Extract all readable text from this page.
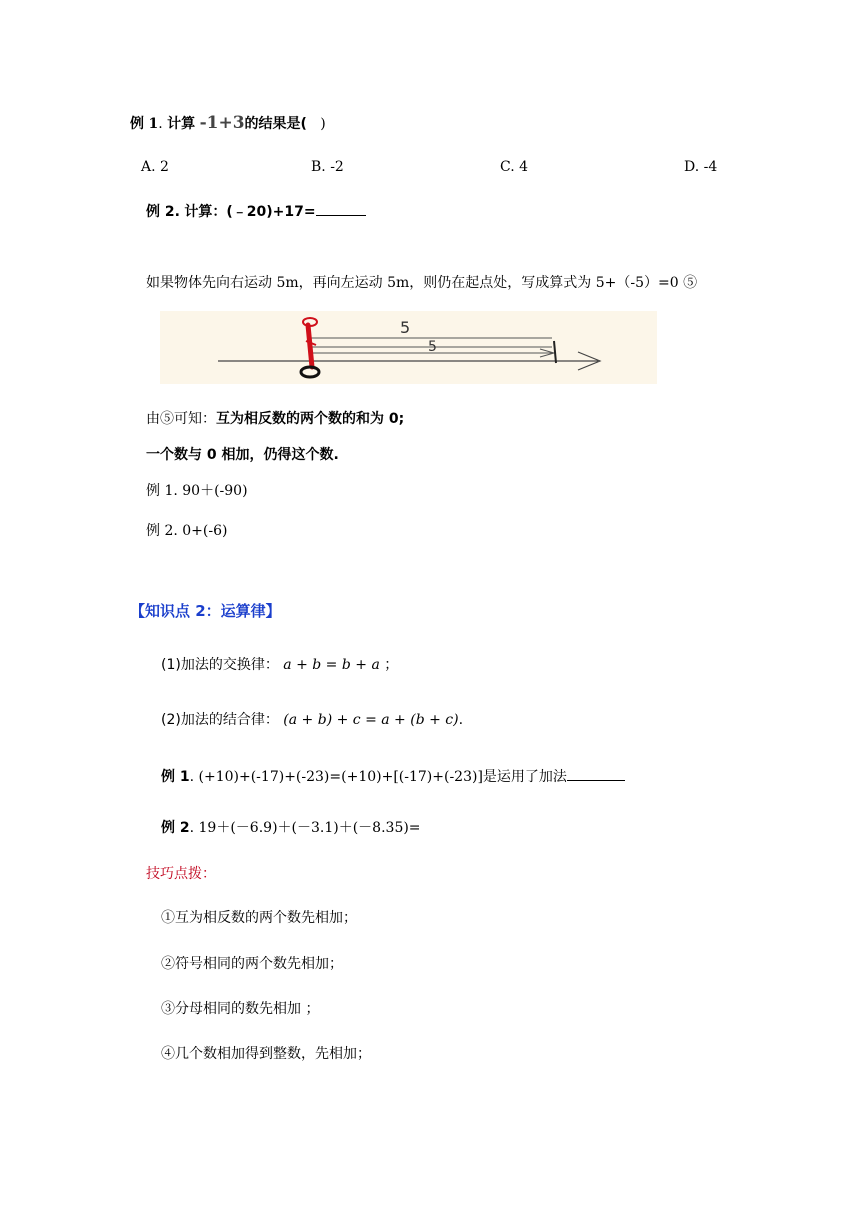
例 1. 计算 -1+3的结果是( )
A. 2	B. -2	C. 4	D. -4
例 2. 计算：(﹣20)+17=
如果物体先向右运动 5m，再向左运动 5m，则仍在起点处，写成算式为 5+（-5）=0 ⑤
5
5
由⑤可知：互为相反数的两个数的和为 0;
一个数与 0 相加，仍得这个数.
例 1. 90＋(-90)
例 2. 0+(-6)
【知识点 2：运算律】
(1)加法的交换律： a + b = b + a ；
(2)加法的结合律： (a + b) + c = a + (b + c).
例 1. (+10)+(-17)+(-23)=(+10)+[(-17)+(-23)]是运用了加法
例 2. 19＋(－6.9)＋(－3.1)＋(－8.35)=
技巧点拨：
①互为相反数的两个数先相加；
②符号相同的两个数先相加；
③分母相同的数先相加 ；
④几个数相加得到整数，先相加；
